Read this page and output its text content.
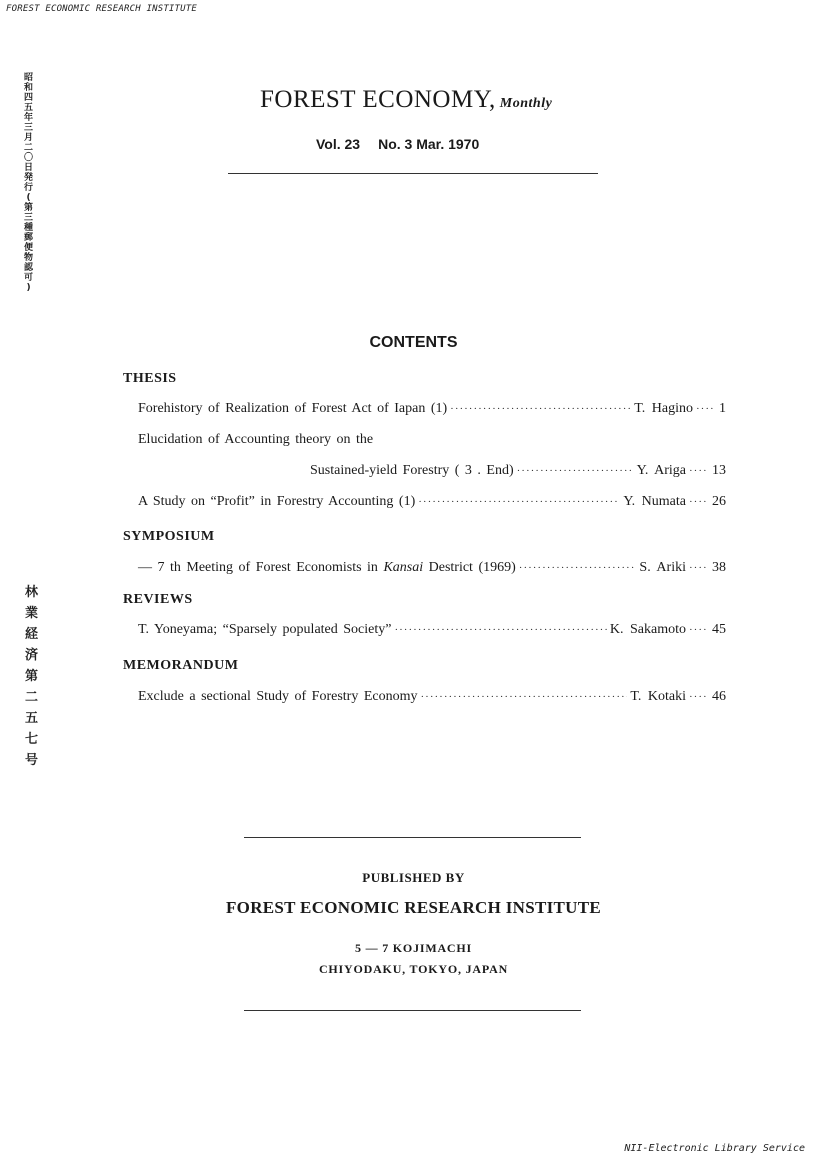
FOREST ECONOMIC RESEARCH INSTITUTE
昭
和
四
五
年
三
月
二
〇
日
発
行
(
第
三
種
郵
便
物
認
可
)
林
業
経
済
第
二
五
七
号
FOREST ECONOMY, Monthly
Vol. 23 No. 3 Mar. 1970
CONTENTS
THESIS
Forehistory of Realization of Forest Act of Iapan (1) ·····	T. Hagino ····· 1
Elucidation of Accounting theory on the
Sustained-yield Forestry ( 3 . End) ·····	Y. Ariga ····· 13
A Study on “Profit” in Forestry Accounting (1) ·····	Y. Numata ····· 26
SYMPOSIUM
— 7 th Meeting of Forest Economists in Kansai Destrict (1969) ·····	S. Ariki ····· 38
REVIEWS
T. Yoneyama; “Sparsely populated Society” ·····	K. Sakamoto ····· 45
MEMORANDUM
Exclude a sectional Study of Forestry Economy ·····	T. Kotaki ····· 46
PUBLISHED BY
FOREST ECONOMIC RESEARCH INSTITUTE
5 — 7 KOJIMACHI
CHIYODAKU, TOKYO, JAPAN
NII-Electronic Library Service
